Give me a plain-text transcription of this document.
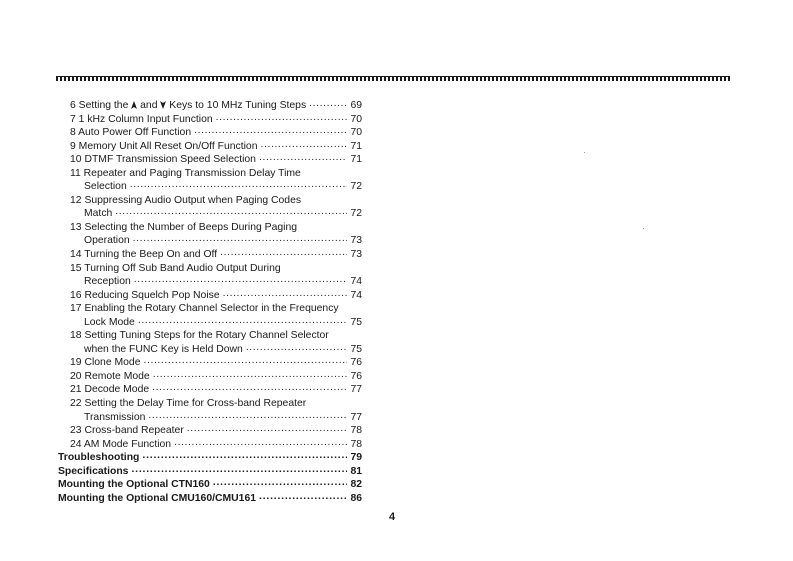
6 Setting the and Keys to 10 MHz Tuning Steps .....	69
7 1 kHz Column Input Function .....	70
8 Auto Power Off Function .....	70
9 Memory Unit All Reset On/Off Function .....	71
10 DTMF Transmission Speed Selection .....	71
11 Repeater and Paging Transmission Delay Time
Selection .....	72
12 Suppressing Audio Output when Paging Codes
Match .....	72
13 Selecting the Number of Beeps During Paging
Operation .....	73
14 Turning the Beep On and Off .....	73
15 Turning Off Sub Band Audio Output During
Reception .....	74
16 Reducing Squelch Pop Noise .....	74
17 Enabling the Rotary Channel Selector in the Frequency
Lock Mode .....	75
18 Setting Tuning Steps for the Rotary Channel Selector
when the FUNC Key is Held Down .....	75
19 Clone Mode .....	76
20 Remote Mode .....	76
21 Decode Mode .....	77
22 Setting the Delay Time for Cross-band Repeater
Transmission .....	77
23 Cross-band Repeater .....	78
24 AM Mode Function .....	78
Troubleshooting .....	79
Specifications .....	81
Mounting the Optional CTN160 .....	82
Mounting the Optional CMU160/CMU161 .....	86
4
